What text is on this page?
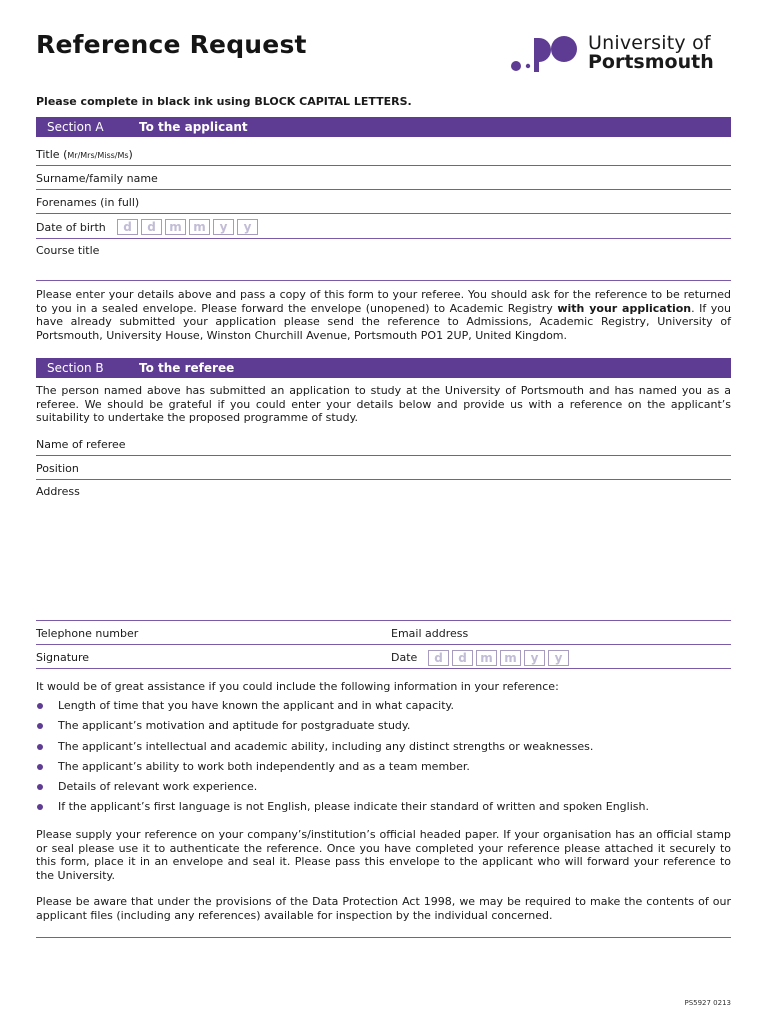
Reference Request	University of
Portsmouth
Please complete in black ink using BLOCK CAPITAL LETTERS.
Section A	To the applicant
Title (Mr/Mrs/Miss/Ms)
Surname/family name
Forenames (in full)
Date of birth	d	d	m m	y	y
Course title
Please enter your details above and pass a copy of this form to your referee. You should ask for the reference to be returned to you in a sealed envelope. Please forward the envelope (unopened) to Academic Registry with your application. If you have already submitted your application please send the reference to Admissions, Academic Registry, University of Portsmouth, University House, Winston Churchill Avenue, Portsmouth PO1 2UP, United Kingdom.
Section B	To the referee
The person named above has submitted an application to study at the University of Portsmouth and has named you as a referee. We should be grateful if you could enter your details below and provide us with a reference on the applicant’s suitability to undertake the proposed programme of study.
Name of referee
Position
Address
Telephone number	Email address
Signature	Date	d	d	m m	y	y
It would be of great assistance if you could include the following information in your reference:
Length of time that you have known the applicant and in what capacity.
The applicant’s motivation and aptitude for postgraduate study.
The applicant’s intellectual and academic ability, including any distinct strengths or weaknesses.
The applicant’s ability to work both independently and as a team member.
Details of relevant work experience.
If the applicant’s first language is not English, please indicate their standard of written and spoken English.
Please supply your reference on your company’s/institution’s official headed paper. If your organisation has an official stamp or seal please use it to authenticate the reference. Once you have completed your reference please attached it securely to this form, place it in an envelope and seal it. Please pass this envelope to the applicant who will forward your reference to the University.
Please be aware that under the provisions of the Data Protection Act 1998, we may be required to make the contents of our applicant files (including any references) available for inspection by the individual concerned.
PS5927 0213
